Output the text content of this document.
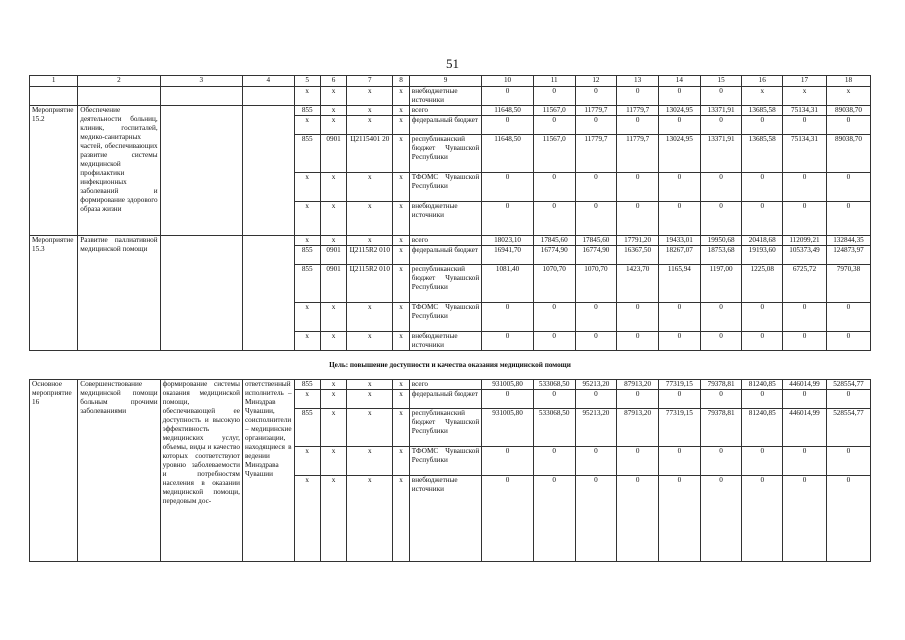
51
1	2	3	4	5	6	7	8	9	10	11	12	13	14	15	16	17	18
				x	x	x	x	внебюджетные источники	0	0	0	0	0	0	x	x	x
Мероприятие 15.2	Обеспечение деятельности больниц, клиник, госпиталей, медико-санитарных частей, обеспечивающих развитие системы медицинской профилактики инфекционных заболеваний и формирование здорового образа жизни			855	x	x	x	всего	11648,50	11567,0	11779,7	11779,7	13024,95	13371,91	13685,58	75134,31	89038,70
				x	x	x	x	федеральный бюджет	0	0	0	0	0	0	0	0	0
				855	0901	Ц2115401 20	x	республиканский бюджет Чувашской Республики	11648,50	11567,0	11779,7	11779,7	13024,95	13371,91	13685,58	75134,31	89038,70
				x	x	x	x	ТФОМС Чувашской Республики	0	0	0	0	0	0	0	0	0
				x	x	x	x	внебюджетные источники	0	0	0	0	0	0	0	0	0
Мероприятие 15.3	Развитие паллиативной медицинской помощи			x	x	x	x	всего	18023,10	17845,60	17845,60	17791,20	19433,01	19950,68	20418,68	112099,21	132844,35
				855	0901	Ц2115R2 010	x	федеральный бюджет	16941,70	16774,90	16774,90	16367,50	18267,07	18753,68	19193,60	105373,49	124873,97
				855	0901	Ц2115R2 010	x	республиканский бюджет Чувашской Республики	1081,40	1070,70	1070,70	1423,70	1165,94	1197,00	1225,08	6725,72	7970,38
				x	x	x	x	ТФОМС Чувашской Республики	0	0	0	0	0	0	0	0	0
				x	x	x	x	внебюджетные источники	0	0	0	0	0	0	0	0	0
Цель: повышение доступности и качества оказания медицинской помощи																	
Основное мероприятие 16	Совершенствование медицинской помощи больным прочими заболеваниями	формирование системы оказания медицинской помощи, обеспечивающей ее доступность и высокую эффективность медицинских услуг, объемы, виды и качество которых соответствуют уровню заболеваемости и потребностям населения в оказании медицинской помощи, передовым дос-	ответственный исполнитель – Минздрав Чувашии, соисполнители – медицинские организации, находящиеся в ведении Минздрава Чувашии	855	x	x	x	всего	931005,80	533068,50	95213,20	87913,20	77319,15	79378,81	81240,85	446014,99	528554,77
				x	x	x	x	федеральный бюджет	0	0	0	0	0	0	0	0	0
				855	x	x	x	республиканский бюджет Чувашской Республики	931005,80	533068,50	95213,20	87913,20	77319,15	79378,81	81240,85	446014,99	528554,77
				x	x	x	x	ТФОМС Чувашской Республики	0	0	0	0	0	0	0	0	0
				x	x	x	x	внебюджетные источники	0	0	0	0	0	0	0	0	0
